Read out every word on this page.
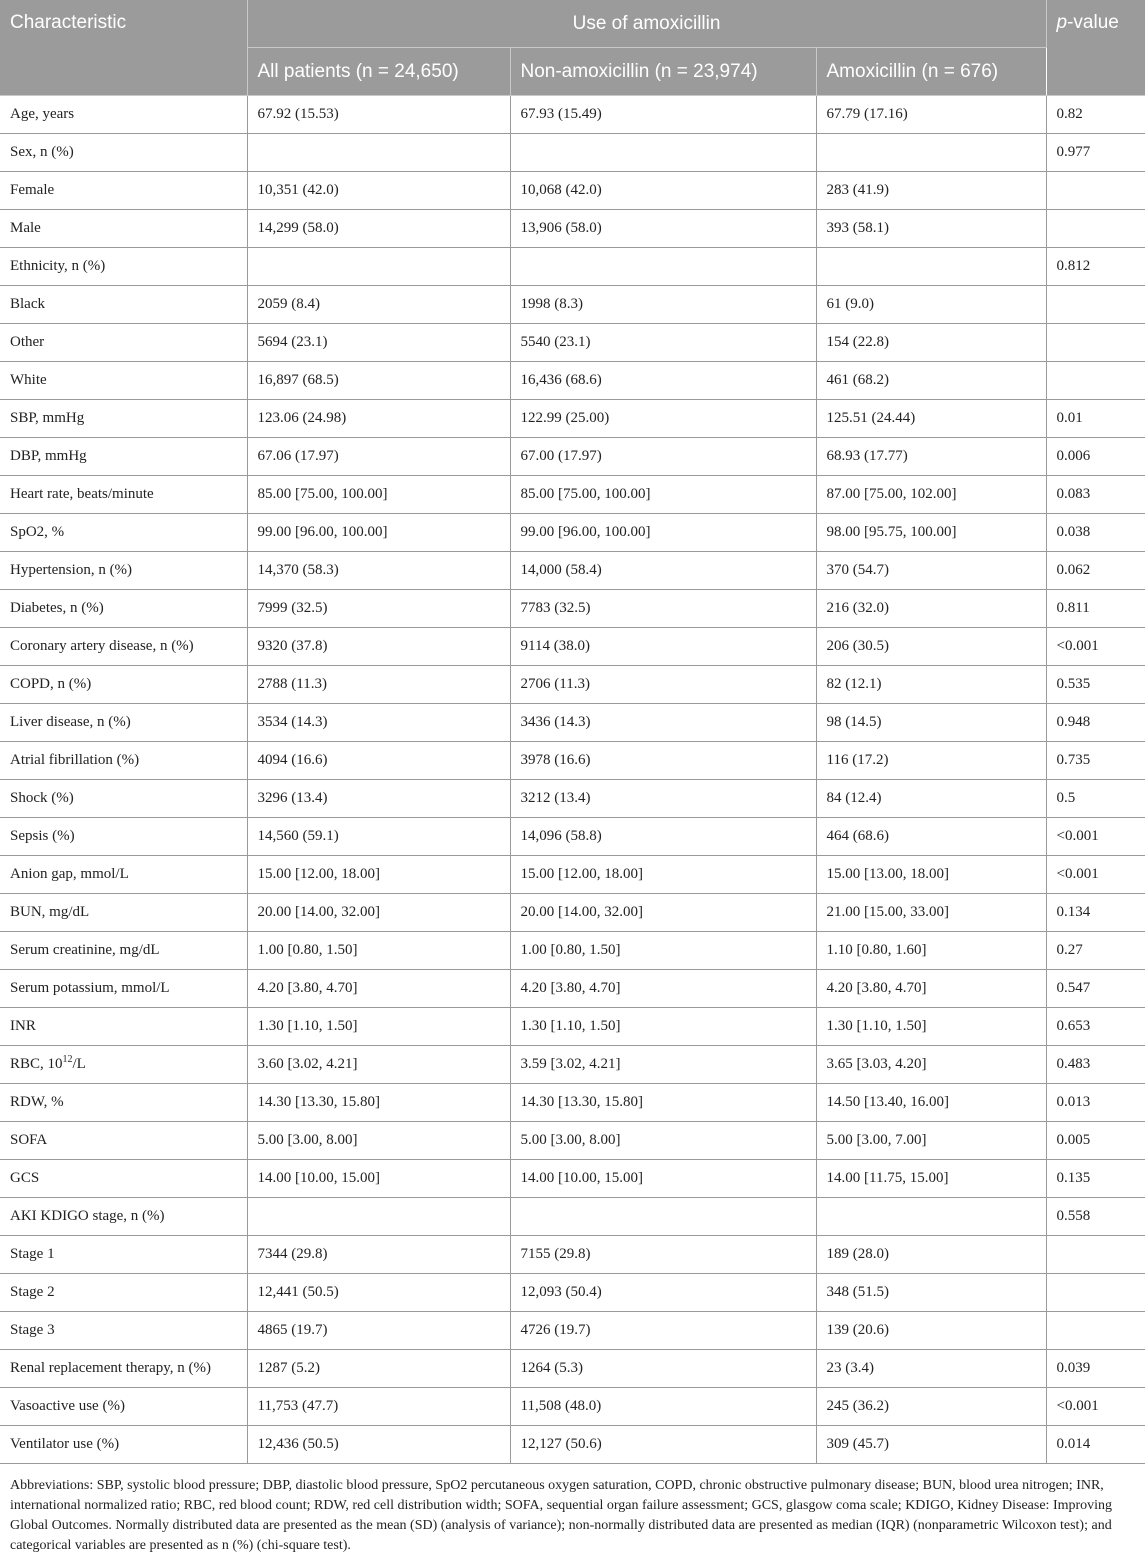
Characteristic	Use of amoxicillin			p-value
	All patients (n = 24,650)	Non-amoxicillin (n = 23,974)	Amoxicillin (n = 676)	
Age, years	67.92 (15.53)	67.93 (15.49)	67.79 (17.16)	0.82
Sex, n (%)				0.977
Female	10,351 (42.0)	10,068 (42.0)	283 (41.9)	
Male	14,299 (58.0)	13,906 (58.0)	393 (58.1)	
Ethnicity, n (%)				0.812
Black	2059 (8.4)	1998 (8.3)	61 (9.0)	
Other	5694 (23.1)	5540 (23.1)	154 (22.8)	
White	16,897 (68.5)	16,436 (68.6)	461 (68.2)	
SBP, mmHg	123.06 (24.98)	122.99 (25.00)	125.51 (24.44)	0.01
DBP, mmHg	67.06 (17.97)	67.00 (17.97)	68.93 (17.77)	0.006
Heart rate, beats/minute	85.00 [75.00, 100.00]	85.00 [75.00, 100.00]	87.00 [75.00, 102.00]	0.083
SpO2, %	99.00 [96.00, 100.00]	99.00 [96.00, 100.00]	98.00 [95.75, 100.00]	0.038
Hypertension, n (%)	14,370 (58.3)	14,000 (58.4)	370 (54.7)	0.062
Diabetes, n (%)	7999 (32.5)	7783 (32.5)	216 (32.0)	0.811
Coronary artery disease, n (%)	9320 (37.8)	9114 (38.0)	206 (30.5)	<0.001
COPD, n (%)	2788 (11.3)	2706 (11.3)	82 (12.1)	0.535
Liver disease, n (%)	3534 (14.3)	3436 (14.3)	98 (14.5)	0.948
Atrial fibrillation (%)	4094 (16.6)	3978 (16.6)	116 (17.2)	0.735
Shock (%)	3296 (13.4)	3212 (13.4)	84 (12.4)	0.5
Sepsis (%)	14,560 (59.1)	14,096 (58.8)	464 (68.6)	<0.001
Anion gap, mmol/L	15.00 [12.00, 18.00]	15.00 [12.00, 18.00]	15.00 [13.00, 18.00]	<0.001
BUN, mg/dL	20.00 [14.00, 32.00]	20.00 [14.00, 32.00]	21.00 [15.00, 33.00]	0.134
Serum creatinine, mg/dL	1.00 [0.80, 1.50]	1.00 [0.80, 1.50]	1.10 [0.80, 1.60]	0.27
Serum potassium, mmol/L	4.20 [3.80, 4.70]	4.20 [3.80, 4.70]	4.20 [3.80, 4.70]	0.547
INR	1.30 [1.10, 1.50]	1.30 [1.10, 1.50]	1.30 [1.10, 1.50]	0.653
RBC, $10^{12}/L$	3.60 [3.02, 4.21]	3.59 [3.02, 4.21]	3.65 [3.03, 4.20]	0.483
RDW, %	14.30 [13.30, 15.80]	14.30 [13.30, 15.80]	14.50 [13.40, 16.00]	0.013
SOFA	5.00 [3.00, 8.00]	5.00 [3.00, 8.00]	5.00 [3.00, 7.00]	0.005
GCS	14.00 [10.00, 15.00]	14.00 [10.00, 15.00]	14.00 [11.75, 15.00]	0.135
AKI KDIGO stage, n (%)				0.558
Stage 1	7344 (29.8)	7155 (29.8)	189 (28.0)	
Stage 2	12,441 (50.5)	12,093 (50.4)	348 (51.5)	
Stage 3	4865 (19.7)	4726 (19.7)	139 (20.6)	
Renal replacement therapy, n (%)	1287 (5.2)	1264 (5.3)	23 (3.4)	0.039
Vasoactive use (%)	11,753 (47.7)	11,508 (48.0)	245 (36.2)	<0.001
Ventilator use (%)	12,436 (50.5)	12,127 (50.6)	309 (45.7)	0.014
Abbreviations: SBP, systolic blood pressure; DBP, diastolic blood pressure, SpO2 percutaneous oxygen saturation, COPD, chronic obstructive pulmonary disease; BUN, blood urea nitrogen; INR, international normalized ratio; RBC, red blood count; RDW, red cell distribution width; SOFA, sequential organ failure assessment; GCS, glasgow coma scale; KDIGO, Kidney Disease: Improving Global Outcomes. Normally distributed data are presented as the mean (SD) (analysis of variance); non-normally distributed data are presented as median (IQR) (nonparametric Wilcoxon test); and categorical variables are presented as n (%) (chi-square test).
